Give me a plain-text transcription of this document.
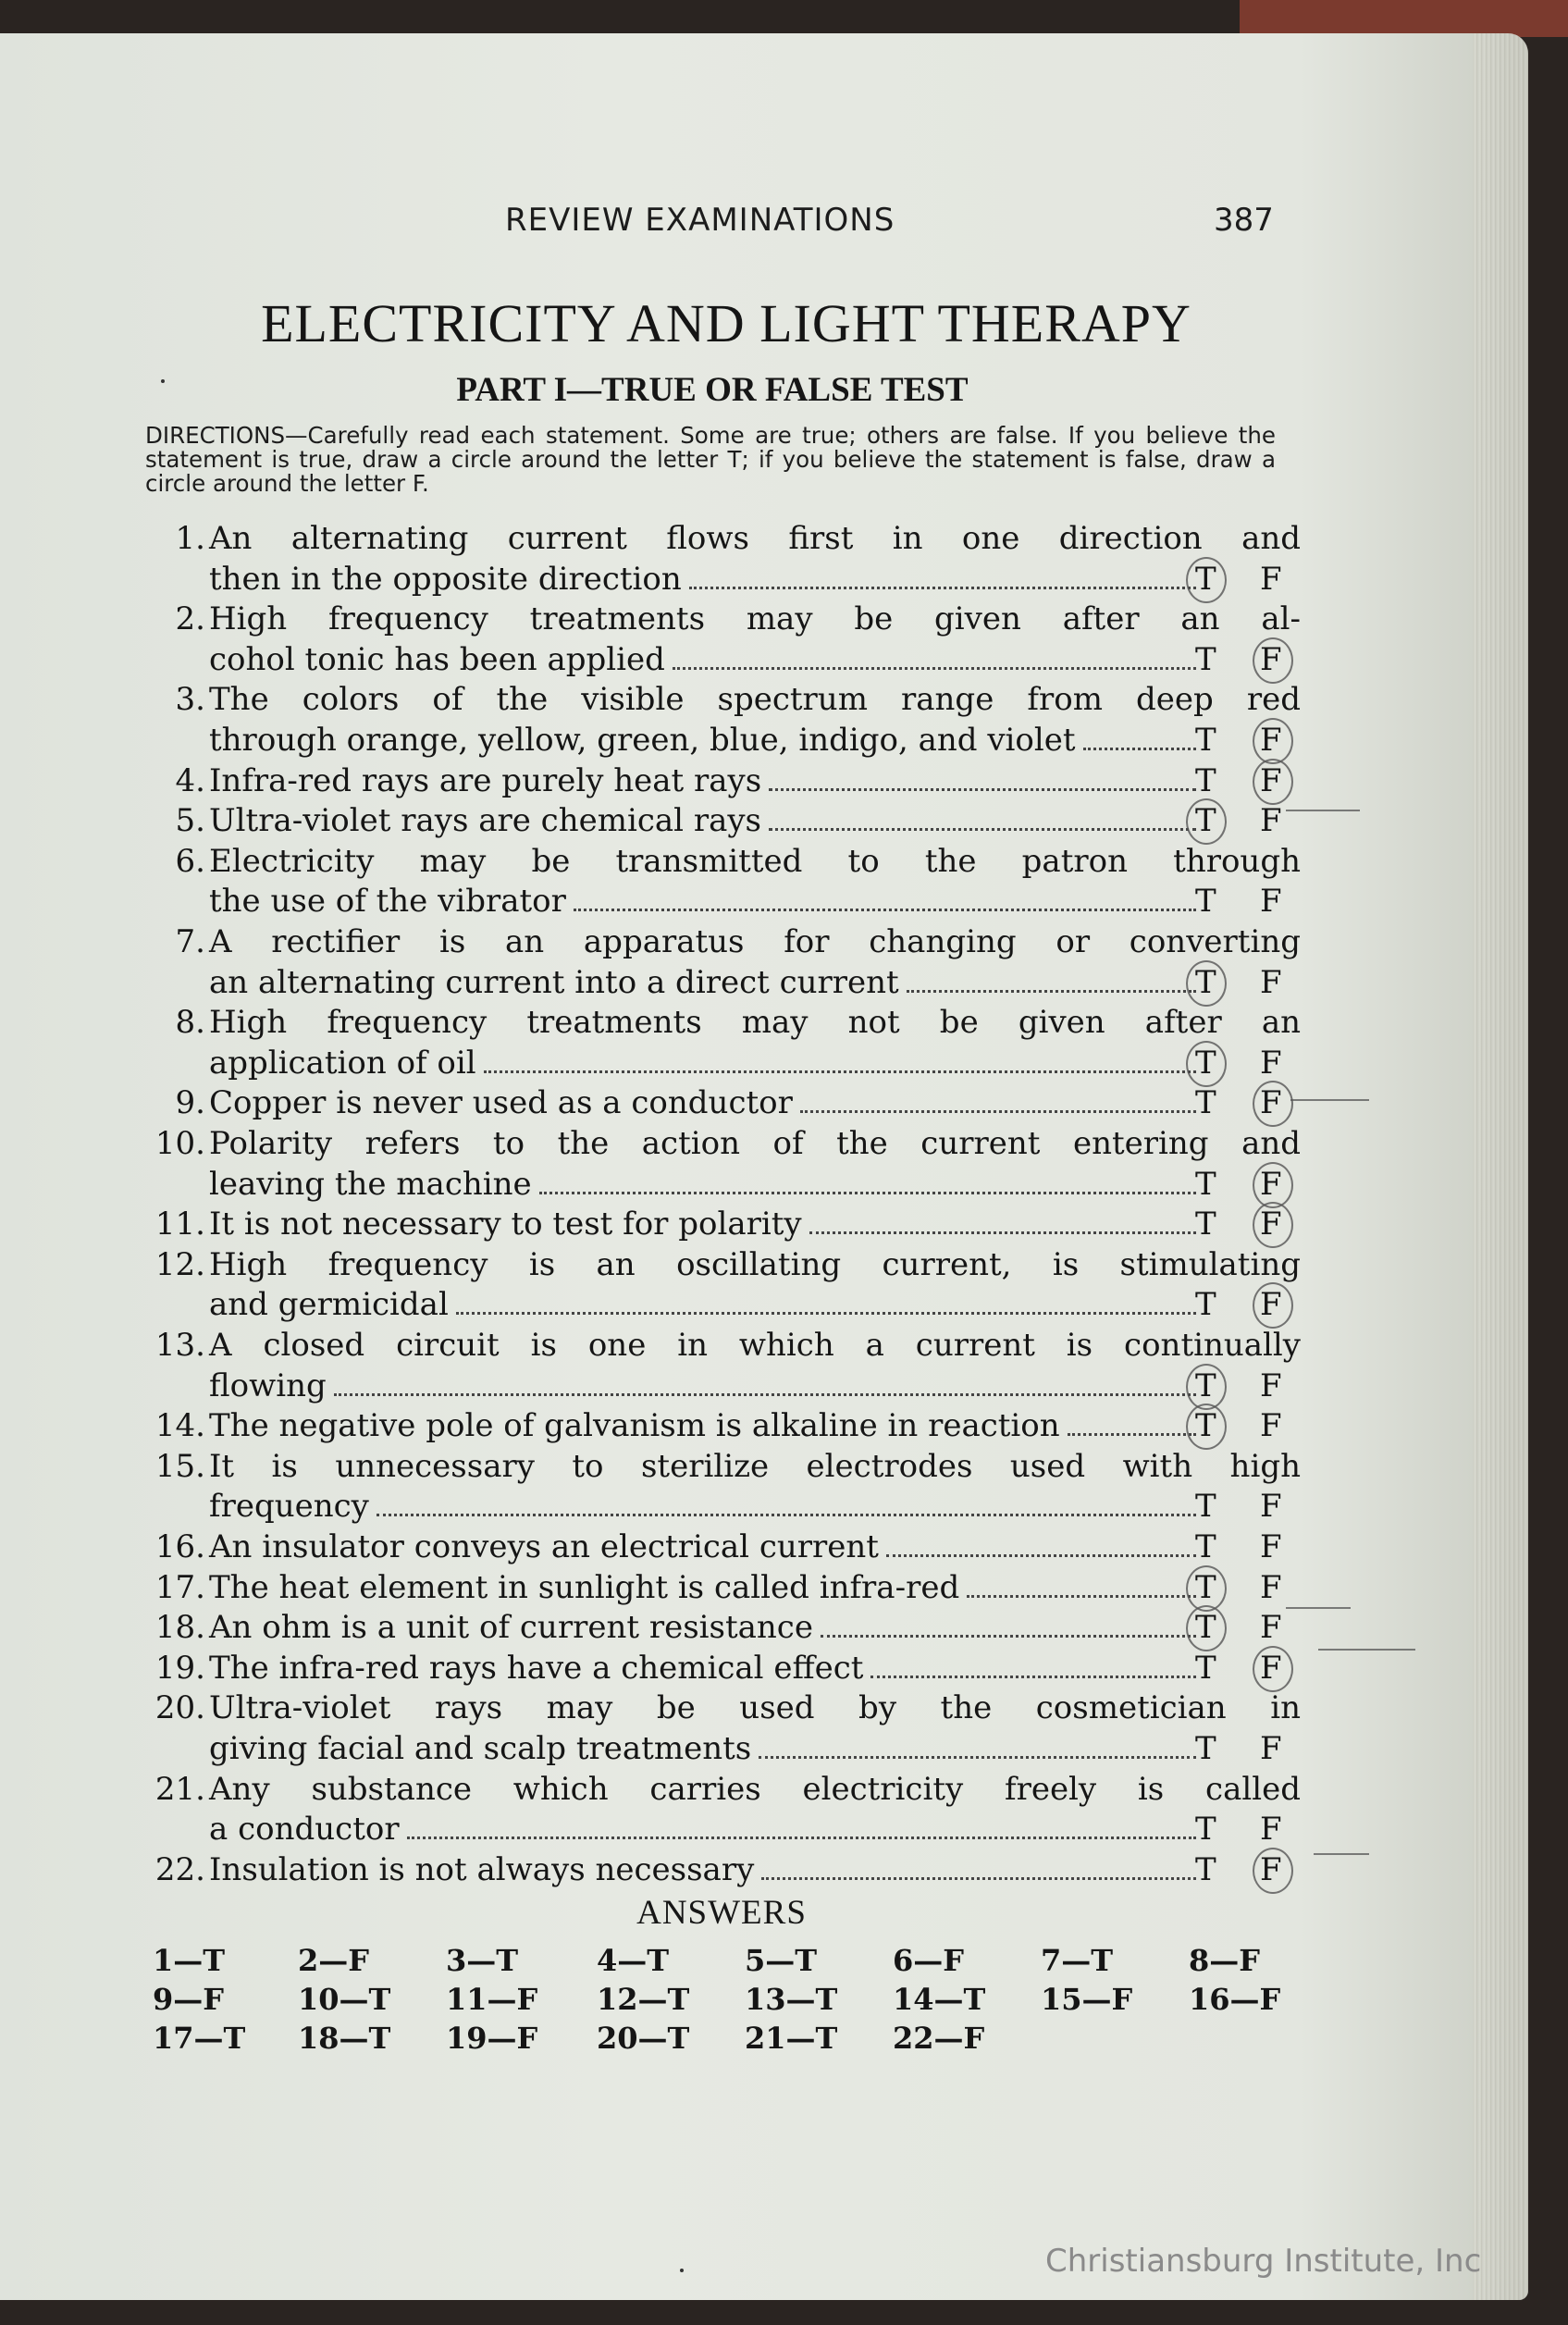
REVIEW EXAMINATIONS	387
ELECTRICITY AND LIGHT THERAPY
PART I—TRUE OR FALSE TEST
DIRECTIONS—Carefully read each statement. Some are true; others are false. If you believe the statement is true, draw a circle around the letter T; if you believe the statement is false, draw a circle around the letter F.
1. An alternating current flows first in one direction and
then in the opposite direction	T F
2. High frequency treatments may be given after an al-
cohol tonic has been applied	T F
3. The colors of the visible spectrum range from deep red
through orange, yellow, green, blue, indigo, and violet	T F
4. Infra-red rays are purely heat rays	T F
5. Ultra-violet rays are chemical rays	T F
6. Electricity may be transmitted to the patron through
the use of the vibrator	T F
7. A rectifier is an apparatus for changing or converting
an alternating current into a direct current	T F
8. High frequency treatments may not be given after an
application of oil	T F
9. Copper is never used as a conductor	T F
10. Polarity refers to the action of the current entering and
leaving the machine	T F
11. It is not necessary to test for polarity	T F
12. High frequency is an oscillating current, is stimulating
and germicidal	T F
13. A closed circuit is one in which a current is continually
flowing	T F
14. The negative pole of galvanism is alkaline in reaction	T F
15. It is unnecessary to sterilize electrodes used with high
frequency	T F
16. An insulator conveys an electrical current	T F
17. The heat element in sunlight is called infra-red	T F
18. An ohm is a unit of current resistance	T F
19. The infra-red rays have a chemical effect	T F
20. Ultra-violet rays may be used by the cosmetician in
giving facial and scalp treatments	T F
21. Any substance which carries electricity freely is called
a conductor	T F
22. Insulation is not always necessary	T F
ANSWERS
1—T	2—F	3—T	4—T	5—T	6—F	7—T	8—F
9—F	10—T	11—F	12—T	13—T	14—T	15—F	16—F
17—T	18—T	19—F	20—T	21—T	22—F
Christiansburg Institute, Inc
